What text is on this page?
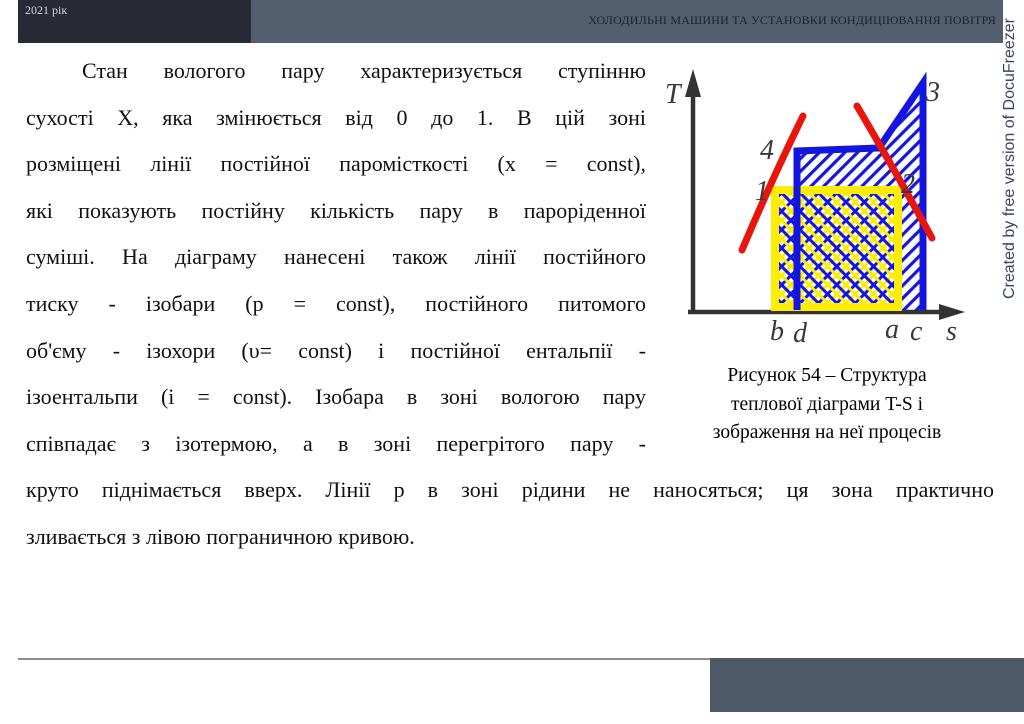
2021 рік
ХОЛОДИЛЬНІ МАШИНИ ТА УСТАНОВКИ КОНДИЦІЮВАННЯ ПОВІТРЯ Created by free version of DocuFreezer
Стан вологого пару характеризується ступінню
сухості Х, яка змінюється від 0 до 1. В цій зоні
розміщені лінії постійної паромісткості (х = const),
які показують постійну кількість пару в пароріденної
суміші. На діаграму нанесені також лінії постійного
тиску - ізобари (р = const), постійного питомого
об'єму - ізохори (υ= const) і постійної ентальпії -
ізоентальпи (і = const). Ізобара в зоні вологою пару
співпадає з ізотермою, а в зоні перегрітого пару -
круто піднімається вверх. Лінії р в зоні рідини не наносяться; ця зона практично
зливається з лівою пограничною кривою.
T
s
4
1
3
2
b d	a c
Рисунок 54 – Структура
теплової діаграми T-S і
зображення на неї процесів
